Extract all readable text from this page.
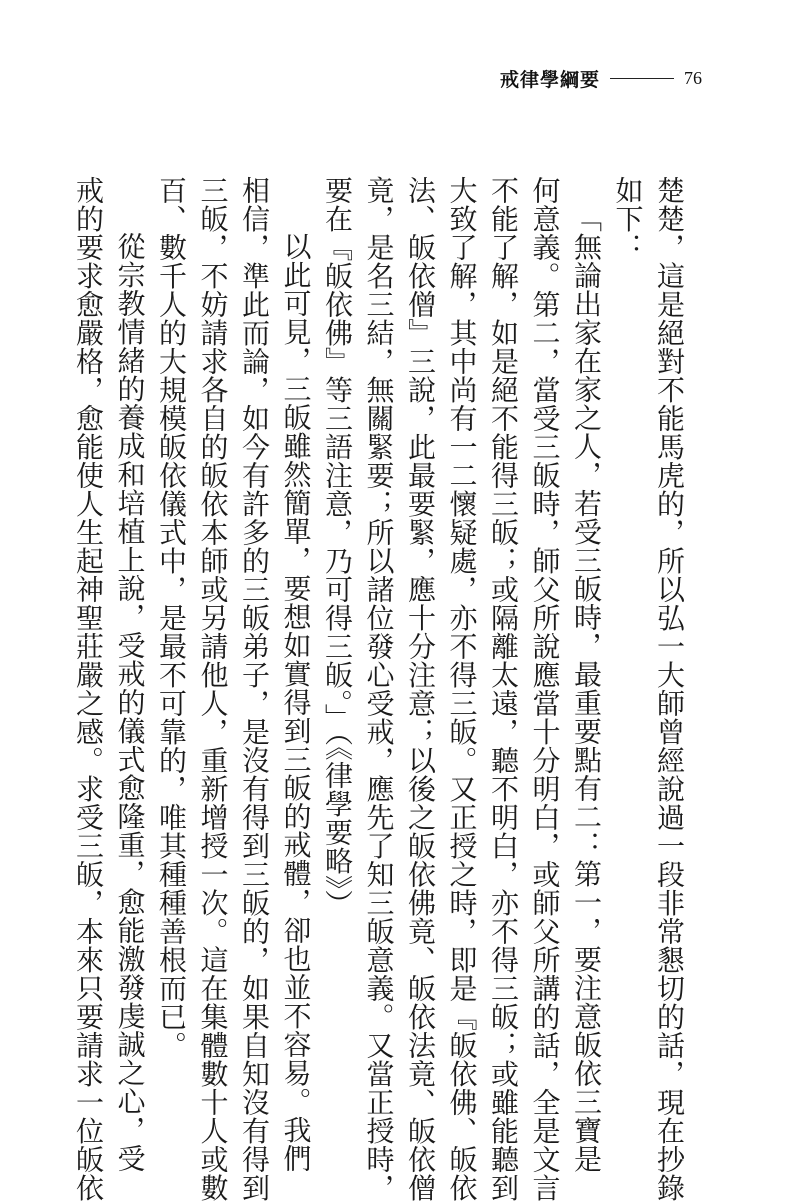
戒律學綱要	76
楚楚，這是絕對不能馬虎的，所以弘一大師曾經說過一段非常懇切的話，現在抄錄
如下：
「無論出家在家之人，若受三皈時，最重要點有二：第一，要注意皈依三寶是
何意義。第二，當受三皈時，師父所說應當十分明白，或師父所講的話，全是文言
不能了解，如是絕不能得三皈；或隔離太遠，聽不明白，亦不得三皈；或雖能聽到
大致了解，其中尚有一二懷疑處，亦不得三皈。又正授之時，即是『皈依佛、皈依
法、皈依僧』三說，此最要緊，應十分注意；以後之皈依佛竟、皈依法竟、皈依僧
竟，是名三結，無關緊要；所以諸位發心受戒，應先了知三皈意義。又當正授時，
要在『皈依佛』等三語注意，乃可得三皈。」（《律學要略》）
以此可見，三皈雖然簡單，要想如實得到三皈的戒體，卻也並不容易。我們
相信，準此而論，如今有許多的三皈弟子，是沒有得到三皈的，如果自知沒有得到
三皈，不妨請求各自的皈依本師或另請他人，重新增授一次。這在集體數十人或數
百、數千人的大規模皈依儀式中，是最不可靠的，唯其種種善根而已。
從宗教情緒的養成和培植上說，受戒的儀式愈隆重，愈能激發虔誠之心，受
戒的要求愈嚴格，愈能使人生起神聖莊嚴之感。求受三皈，本來只要請求一位皈依
